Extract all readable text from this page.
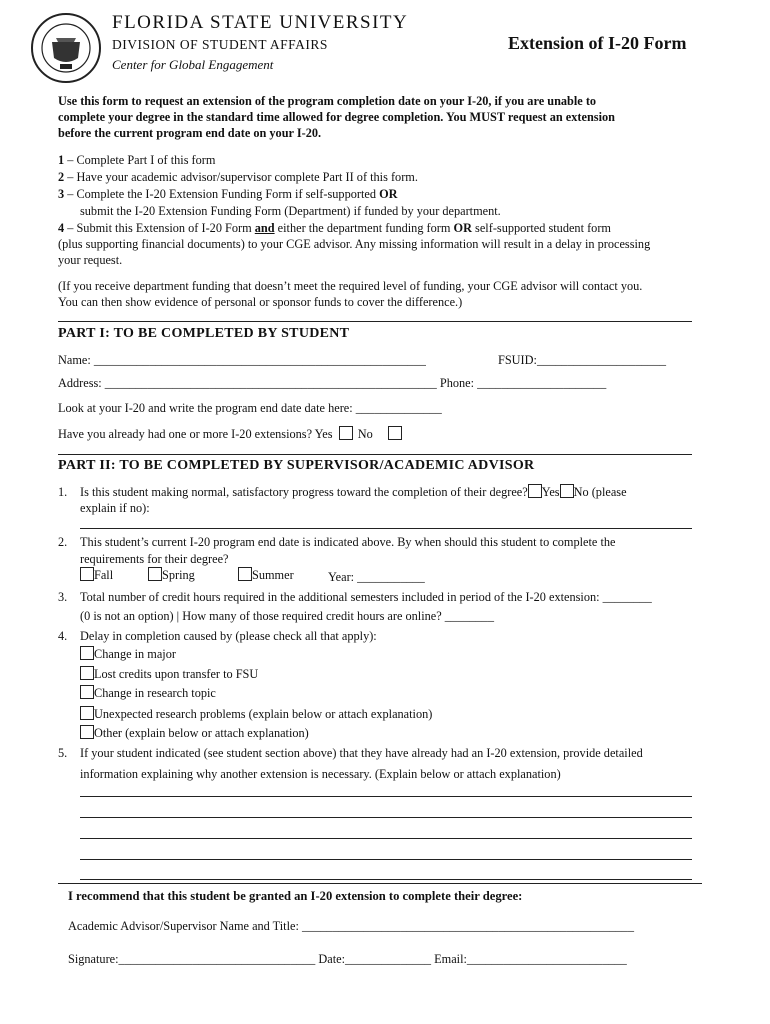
FLORIDA STATE UNIVERSITY
DIVISION OF STUDENT AFFAIRS
Center for Global Engagement
Extension of I-20 Form
Use this form to request an extension of the program completion date on your I-20, if you are unable to
complete your degree in the standard time allowed for degree completion. You MUST request an extension
before the current program end date on your I-20.
1 – Complete Part I of this form
2 – Have your academic advisor/supervisor complete Part II of this form.
3 – Complete the I-20 Extension Funding Form if self-supported OR
submit the I-20 Extension Funding Form (Department) if funded by your department.
4 – Submit this Extension of I-20 Form and either the department funding form OR self-supported student form
(plus supporting financial documents) to your CGE advisor. Any missing information will result in a delay in processing
your request.
(If you receive department funding that doesn’t meet the required level of funding, your CGE advisor will contact you.
You can then show evidence of personal or sponsor funds to cover the difference.)
PART I: TO BE COMPLETED BY STUDENT
Name: ______________________________________________________	FSUID:_____________________
Address: ______________________________________________________ Phone: _____________________
Look at your I-20 and write the program end date date here: ______________
Have you already had one or more I-20 extensions? Yes No
PART II: TO BE COMPLETED BY SUPERVISOR/ACADEMIC ADVISOR
1. Is this student making normal, satisfactory progress toward the completion of their degree? Yes No (please
explain if no):
2. This student’s current I-20 program end date is indicated above. By when should this student to complete the
requirements for their degree?
Fall	Spring	Summer	Year: ___________
3. Total number of credit hours required in the additional semesters included in period of the I-20 extension: ________
(0 is not an option) | How many of those required credit hours are online? ________
4. Delay in completion caused by (please check all that apply):
Change in major
Lost credits upon transfer to FSU
Change in research topic
Unexpected research problems (explain below or attach explanation)
Other (explain below or attach explanation)
5. If your student indicated (see student section above) that they have already had an I-20 extension, provide detailed
information explaining why another extension is necessary. (Explain below or attach explanation)
I recommend that this student be granted an I-20 extension to complete their degree:
Academic Advisor/Supervisor Name and Title: ______________________________________________________
Signature:________________________________ Date:______________ Email:__________________________
